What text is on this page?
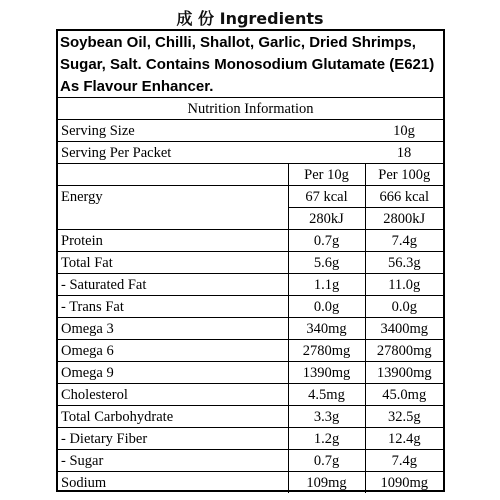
成 份 Ingredients
Soybean Oil, Chilli, Shallot, Garlic, Dried Shrimps, Sugar, Salt. Contains Monosodium Glutamate (E621) As Flavour Enhancer.
Nutrition Information		
Serving Size		10g
Serving Per Packet		18
	Per 10g	Per 100g
Energy	67 kcal	666 kcal
	280kJ	2800kJ
Protein	0.7g	7.4g
Total Fat	5.6g	56.3g
- Saturated Fat	1.1g	11.0g
- Trans Fat	0.0g	0.0g
Omega 3	340mg	3400mg
Omega 6	2780mg	27800mg
Omega 9	1390mg	13900mg
Cholesterol	4.5mg	45.0mg
Total Carbohydrate	3.3g	32.5g
- Dietary Fiber	1.2g	12.4g
- Sugar	0.7g	7.4g
Sodium	109mg	1090mg
